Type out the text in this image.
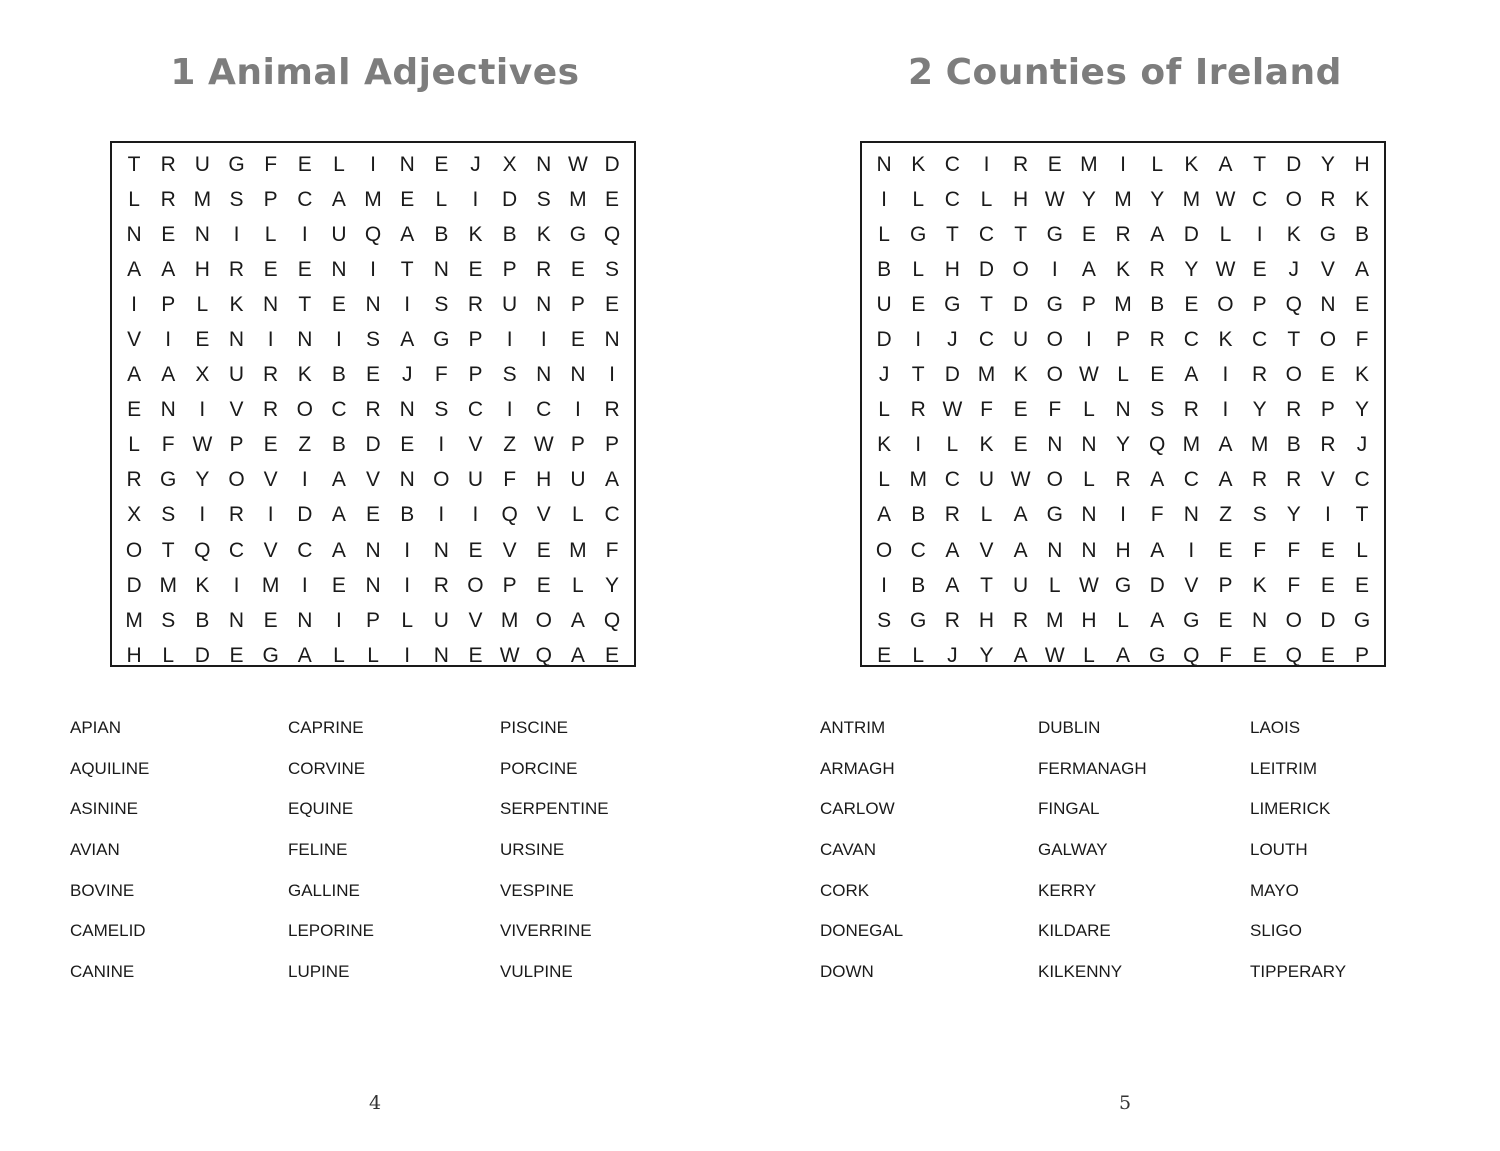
1 Animal Adjectives
T R U G F E	L	I	N E	J	X N W D
L R M S P C A M E	L	I	D S M E
N E N	I	L	I	U Q A B K B K G Q
A A H R E E N	I	T N E P R E S
I	P	L	K N T E N	I	S R U N P E
V	I	E N	I	N	I	S A G P	I	I	E N
A A X U R K B E	J	F P S N N	I
E N	I	V R O C R N S C	I	C	I	R
L	F W P E Z B D E	I	V Z W P P
R G Y O V	I	A V N O U F H U A
X S	I	R	I	D A E B	I	I	Q V	L C
O T Q C V C A N	I	N E V E M F
D M K	I	M	I	E N	I	R O P E	L	Y
M S B N E N	I	P	L U V M O A Q
H L D E G A	L	L	I	N E W Q A E
APIAN
AQUILINE
ASININE
AVIAN
BOVINE
CAMELID
CANINE
CAPRINE
CORVINE
EQUINE
FELINE
GALLINE
LEPORINE
LUPINE
PISCINE
PORCINE
SERPENTINE
URSINE
VESPINE
VIVERRINE
VULPINE
4
2 Counties of Ireland
N K C	I	R E M	I	L	K A T D Y H
I	L C L H W Y M Y M W C O R K
L G T C T G E R A D L	I	K G B
B	L H D O	I	A K R Y W E	J	V A
U E G T D G P M B E O P Q N E
D	I	J	C U O	I	P R C K C T O F
J	T D M K O W L	E A	I	R O E K
L R W F E F	L N S R	I	Y R P Y
K	I	L	K E N N Y Q M A M B R	J
L M C U W O L R A C A R R V C
A B R L	A G N	I	F N Z S Y	I	T
O C A V A N N H A	I	E F	F E	L
I	B A T U L W G D V P K F E E
S G R H R M H L	A G E N O D G
E	L	J	Y A W L	A G Q F E Q E P
ANTRIM
ARMAGH
CARLOW
CAVAN
CORK
DONEGAL
DOWN
DUBLIN
FERMANAGH
FINGAL
GALWAY
KERRY
KILDARE
KILKENNY
LAOIS
LEITRIM
LIMERICK
LOUTH
MAYO
SLIGO
TIPPERARY
5
